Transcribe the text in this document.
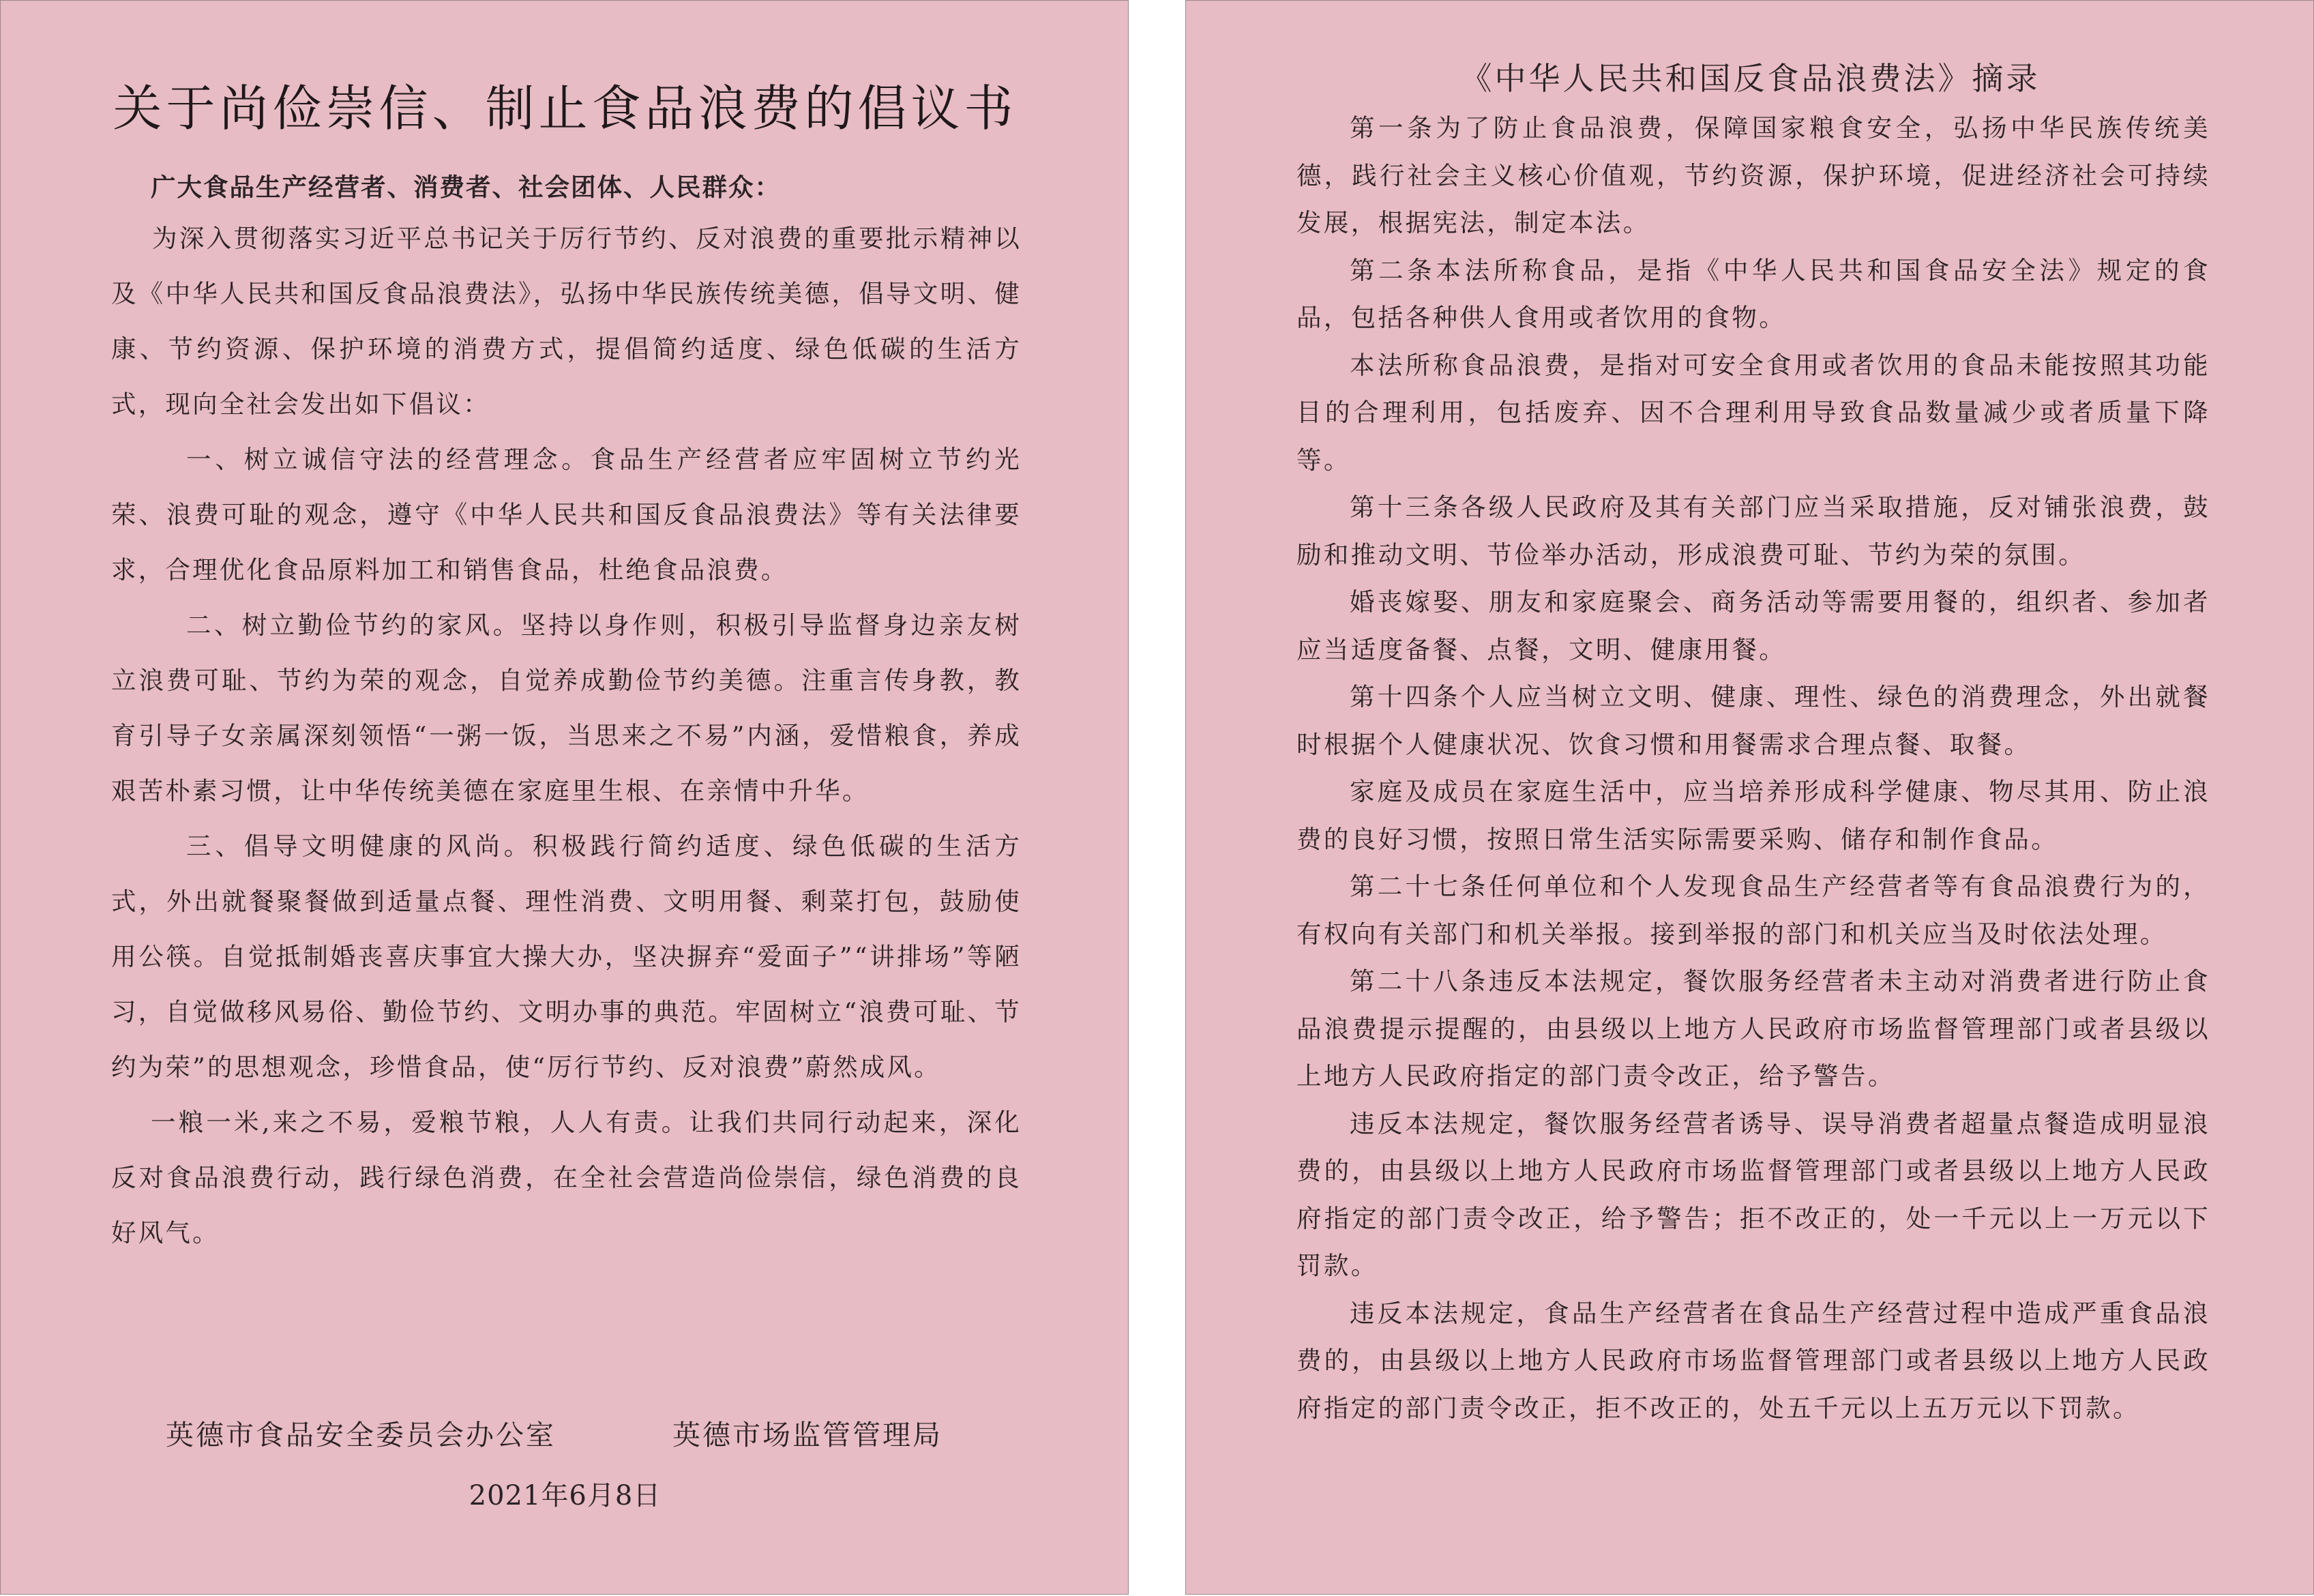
关于尚俭崇信、制止食品浪费的倡议书
广大食品生产经营者、消费者、社会团体、人民群众：
为深入贯彻落实习近平总书记关于厉行节约、反对浪费的重要批示精神以及《中华人民共和国反食品浪费法》，弘扬中华民族传统美德，倡导文明、健康、节约资源、保护环境的消费方式，提倡简约适度、绿色低碳的生活方式，现向全社会发出如下倡议：
一、树立诚信守法的经营理念。食品生产经营者应牢固树立节约光荣、浪费可耻的观念，遵守《中华人民共和国反食品浪费法》等有关法律要求，合理优化食品原料加工和销售食品，杜绝食品浪费。
二、树立勤俭节约的家风。坚持以身作则，积极引导监督身边亲友树立浪费可耻、节约为荣的观念，自觉养成勤俭节约美德。注重言传身教，教育引导子女亲属深刻领悟“一粥一饭，当思来之不易”内涵，爱惜粮食，养成艰苦朴素习惯，让中华传统美德在家庭里生根、在亲情中升华。
三、倡导文明健康的风尚。积极践行简约适度、绿色低碳的生活方式，外出就餐聚餐做到适量点餐、理性消费、文明用餐、剩菜打包，鼓励使用公筷。自觉抵制婚丧喜庆事宜大操大办，坚决摒弃“爱面子”“讲排场”等陋习，自觉做移风易俗、勤俭节约、文明办事的典范。牢固树立“浪费可耻、节约为荣”的思想观念，珍惜食品，使“厉行节约、反对浪费”蔚然成风。
一粮一米,来之不易，爱粮节粮，人人有责。让我们共同行动起来，深化反对食品浪费行动，践行绿色消费，在全社会营造尚俭崇信，绿色消费的良好风气。
英德市食品安全委员会办公室	英德市场监管管理局
2021年6月8日
《中华人民共和国反食品浪费法》摘录
第一条为了防止食品浪费，保障国家粮食安全，弘扬中华民族传统美德，践行社会主义核心价值观，节约资源，保护环境，促进经济社会可持续发展，根据宪法，制定本法。
第二条本法所称食品，是指《中华人民共和国食品安全法》规定的食品，包括各种供人食用或者饮用的食物。
本法所称食品浪费，是指对可安全食用或者饮用的食品未能按照其功能目的合理利用，包括废弃、因不合理利用导致食品数量减少或者质量下降等。
第十三条各级人民政府及其有关部门应当采取措施，反对铺张浪费，鼓励和推动文明、节俭举办活动，形成浪费可耻、节约为荣的氛围。
婚丧嫁娶、朋友和家庭聚会、商务活动等需要用餐的，组织者、参加者应当适度备餐、点餐，文明、健康用餐。
第十四条个人应当树立文明、健康、理性、绿色的消费理念，外出就餐时根据个人健康状况、饮食习惯和用餐需求合理点餐、取餐。
家庭及成员在家庭生活中，应当培养形成科学健康、物尽其用、防止浪费的良好习惯，按照日常生活实际需要采购、储存和制作食品。
第二十七条任何单位和个人发现食品生产经营者等有食品浪费行为的，有权向有关部门和机关举报。接到举报的部门和机关应当及时依法处理。
第二十八条违反本法规定，餐饮服务经营者未主动对消费者进行防止食品浪费提示提醒的，由县级以上地方人民政府市场监督管理部门或者县级以上地方人民政府指定的部门责令改正，给予警告。
违反本法规定，餐饮服务经营者诱导、误导消费者超量点餐造成明显浪费的，由县级以上地方人民政府市场监督管理部门或者县级以上地方人民政府指定的部门责令改正，给予警告；拒不改正的，处一千元以上一万元以下罚款。
违反本法规定，食品生产经营者在食品生产经营过程中造成严重食品浪费的，由县级以上地方人民政府市场监督管理部门或者县级以上地方人民政府指定的部门责令改正，拒不改正的，处五千元以上五万元以下罚款。
